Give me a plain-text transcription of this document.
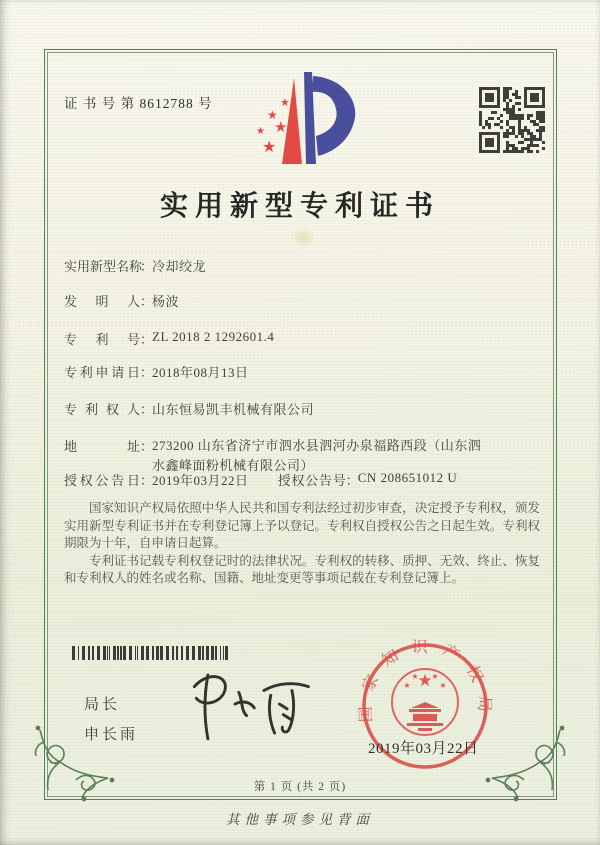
证 书 号 第 8612788 号	★
★
★ ★
★
实用新型专利证书
实用新型名称：冷却绞龙
发明人：杨波
专利号：ZL 2018 2 1292601.4
专利申请日：2018年08月13日
专利权人：山东恒易凯丰机械有限公司
地址：273200 山东省济宁市泗水县泗河办泉福路西段（山东泗水鑫峰面粉机械有限公司）
授权公告日：2019年03月22日 授权公告号：CN 208651012 U

国家知识产权局依照中华人民共和国专利法经过初步审查，决定授予专利权，颁发实用新型专利证书并在专利登记簿上予以登记。专利权自授权公告之日起生效。专利权期限为十年，自申请日起算。

专利证书记载专利权登记时的法律状况。专利权的转移、质押、无效、终止、恢复和专利权人的姓名或名称、国籍、地址变更等事项记载在专利登记簿上。

局长
申长雨
★
★
★ ★
★
国家知识产权局
2019年03月22日
第 1 页 (共 2 页)
其他事项参见背面
